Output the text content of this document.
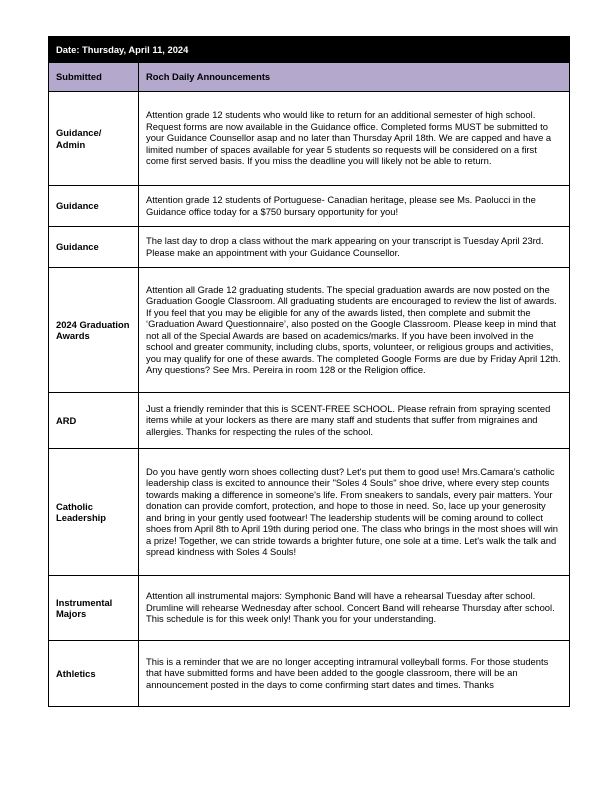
Date: Thursday, April 11, 2024	
Submitted	Roch Daily Announcements
Guidance/ Admin	Attention grade 12 students who would like to return for an additional semester of high school. Request forms are now available in the Guidance office. Completed forms MUST be submitted to your Guidance Counsellor asap and no later than Thursday April 18th. We are capped and have a limited number of spaces available for year 5 students so requests will be considered on a first come first served basis. If you miss the deadline you will likely not be able to return.
Guidance	Attention grade 12 students of Portuguese- Canadian heritage, please see Ms. Paolucci in the Guidance office today for a $750 bursary opportunity for you!
Guidance	The last day to drop a class without the mark appearing on your transcript is Tuesday April 23rd. Please make an appointment with your Guidance Counsellor.
2024 Graduation Awards	Attention all Grade 12 graduating students. The special graduation awards are now posted on the Graduation Google Classroom. All graduating students are encouraged to review the list of awards. If you feel that you may be eligible for any of the awards listed, then complete and submit the ‘Graduation Award Questionnaire’, also posted on the Google Classroom. Please keep in mind that not all of the Special Awards are based on academics/marks. If you have been involved in the school and greater community, including clubs, sports, volunteer, or religious groups and activities, you may qualify for one of these awards. The completed Google Forms are due by Friday April 12th. Any questions? See Mrs. Pereira in room 128 or the Religion office.
ARD	Just a friendly reminder that this is SCENT-FREE SCHOOL. Please refrain from spraying scented items while at your lockers as there are many staff and students that suffer from migraines and allergies. Thanks for respecting the rules of the school.
Catholic Leadership	Do you have gently worn shoes collecting dust? Let's put them to good use! Mrs.Camara’s catholic leadership class is excited to announce their "Soles 4 Souls" shoe drive, where every step counts towards making a difference in someone's life. From sneakers to sandals, every pair matters. Your donation can provide comfort, protection, and hope to those in need. So, lace up your generosity and bring in your gently used footwear! The leadership students will be coming around to collect shoes from April 8th to April 19th during period one. The class who brings in the most shoes will win a prize! Together, we can stride towards a brighter future, one sole at a time. Let's walk the talk and spread kindness with Soles 4 Souls!
Instrumental Majors	Attention all instrumental majors: Symphonic Band will have a rehearsal Tuesday after school. Drumline will rehearse Wednesday after school. Concert Band will rehearse Thursday after school. This schedule is for this week only! Thank you for your understanding.
Athletics	This is a reminder that we are no longer accepting intramural volleyball forms. For those students that have submitted forms and have been added to the google classroom, there will be an announcement posted in the days to come confirming start dates and times. Thanks
